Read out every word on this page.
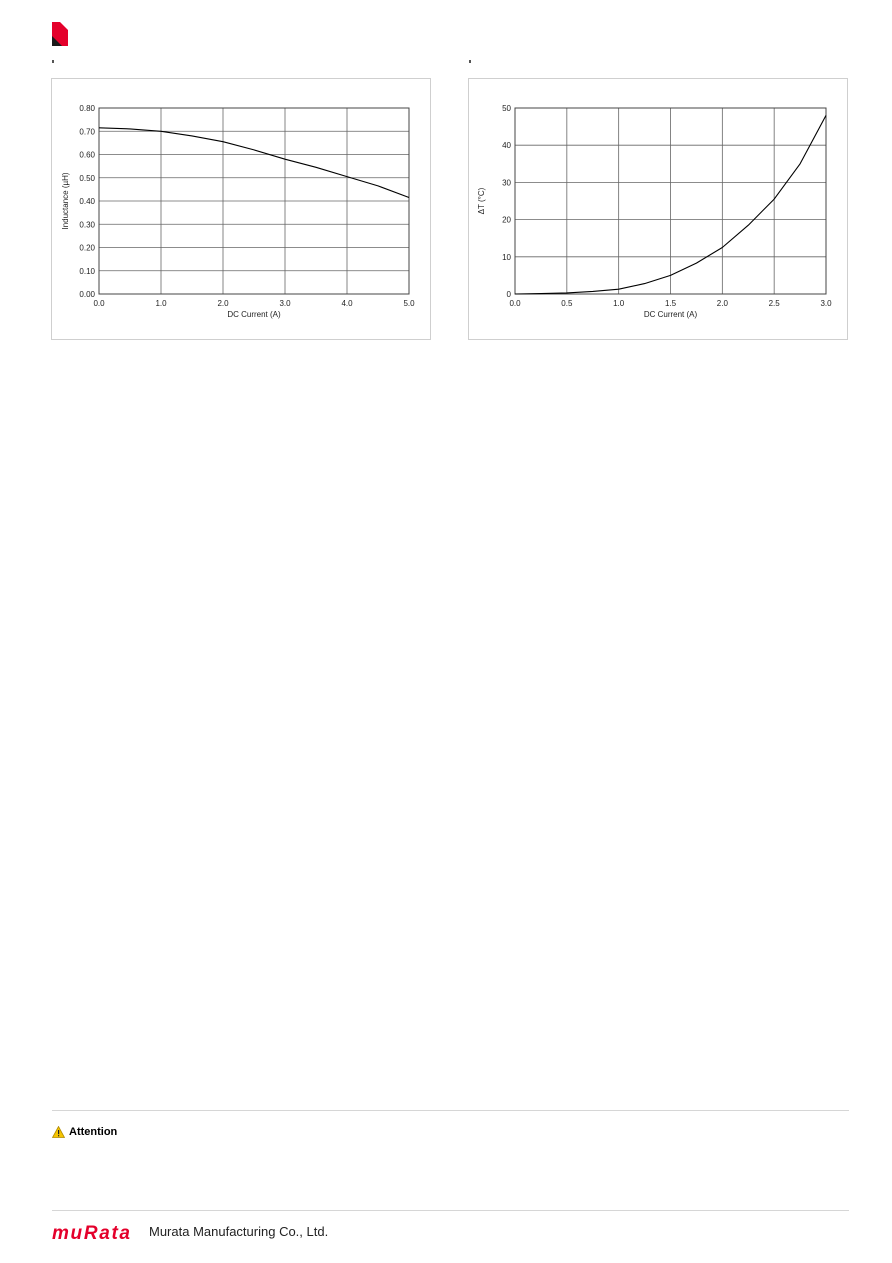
0.0	1.0	2.0	3.0	4.0	5.0
0.00
0.10
0.20
0.30
0.40
0.50
0.60
0.70
0.80
DC Current (A)
Inductance (µH)
0.0	0.5	1.0	1.5	2.0	2.5	3.0
0
10
20
30
40
50
DC Current (A)
ΔT (°C)
Attention
muRata Murata Manufacturing Co., Ltd.
